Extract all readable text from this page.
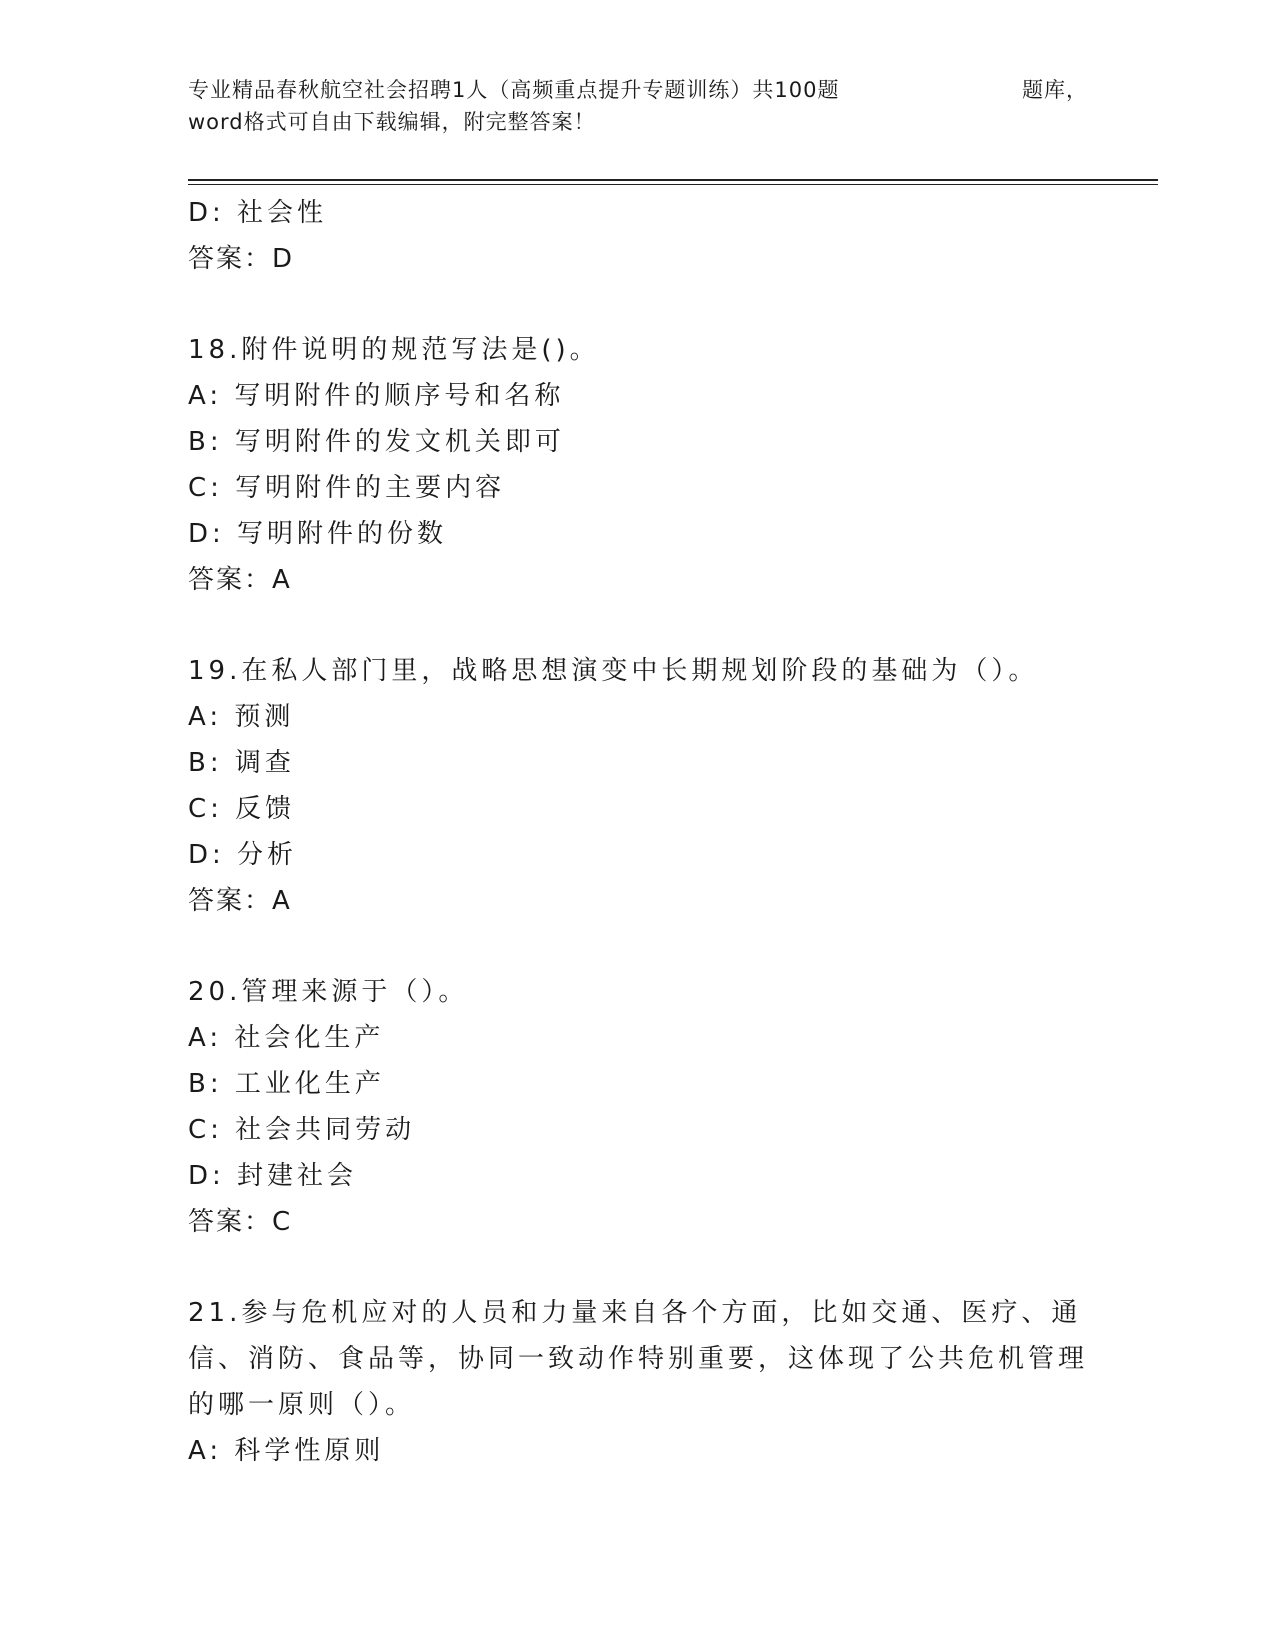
专业精品春秋航空社会招聘1人（高频重点提升专题训练）共100题	题库，
word格式可自由下载编辑，附完整答案！
D: 社会性
答案：D
18.附件说明的规范写法是()。
A: 写明附件的顺序号和名称
B: 写明附件的发文机关即可
C: 写明附件的主要内容
D: 写明附件的份数
答案：A
19.在私人部门里，战略思想演变中长期规划阶段的基础为（）。
A: 预测
B: 调查
C: 反馈
D: 分析
答案：A
20.管理来源于（）。
A: 社会化生产
B: 工业化生产
C: 社会共同劳动
D: 封建社会
答案：C
21.参与危机应对的人员和力量来自各个方面，比如交通、医疗、通信、消防、食品等，协同一致动作特别重要，这体现了公共危机管理的哪一原则（）。
A: 科学性原则
